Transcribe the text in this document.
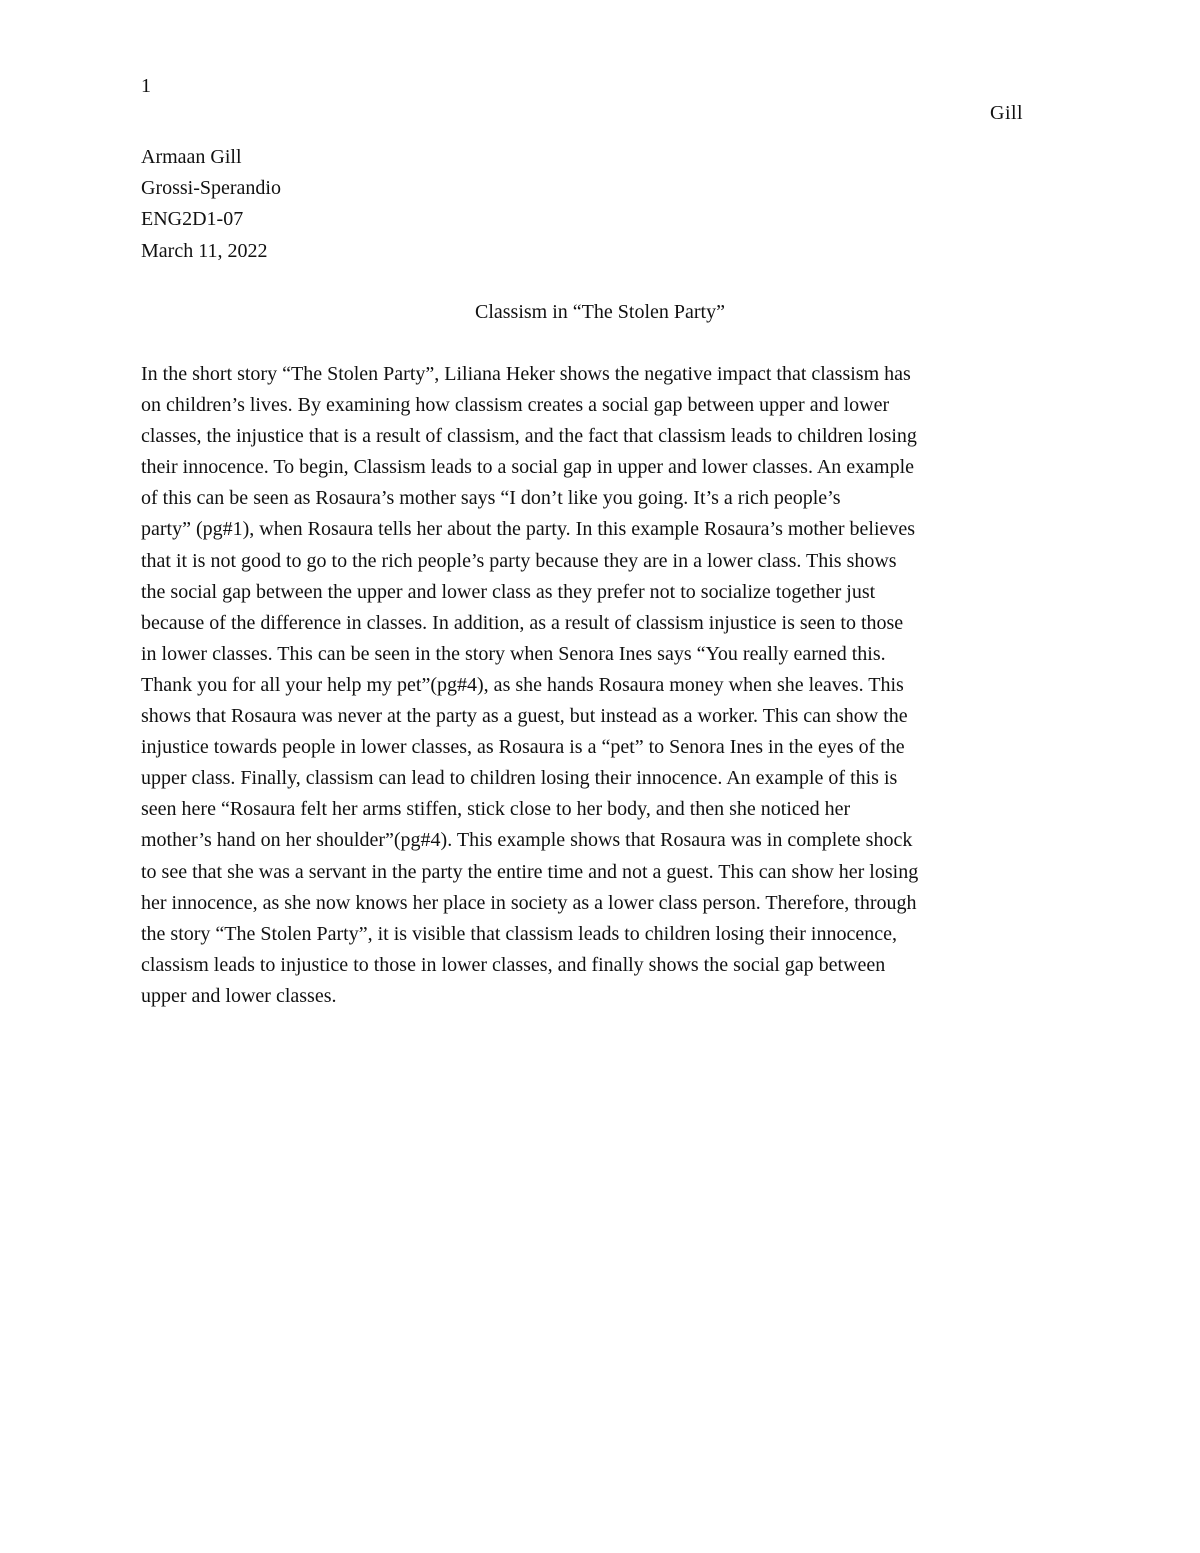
1

Gill

Armaan Gill
Grossi-Sperandio
ENG2D1-07
March 11, 2022
Classism in “The Stolen Party”
In the short story “The Stolen Party”, Liliana Heker shows the negative impact that classism has
on children’s lives. By examining how classism creates a social gap between upper and lower
classes, the injustice that is a result of classism, and the fact that classism leads to children losing
their innocence. To begin, Classism leads to a social gap in upper and lower classes. An example
of this can be seen as Rosaura’s mother says “I don’t like you going. It’s a rich people’s
party” (pg#1), when Rosaura tells her about the party. In this example Rosaura’s mother believes
that it is not good to go to the rich people’s party because they are in a lower class. This shows
the social gap between the upper and lower class as they prefer not to socialize together just
because of the difference in classes. In addition, as a result of classism injustice is seen to those
in lower classes. This can be seen in the story when Senora Ines says “You really earned this.
Thank you for all your help my pet”(pg#4), as she hands Rosaura money when she leaves. This
shows that Rosaura was never at the party as a guest, but instead as a worker. This can show the
injustice towards people in lower classes, as Rosaura is a “pet” to Senora Ines in the eyes of the
upper class. Finally, classism can lead to children losing their innocence. An example of this is
seen here “Rosaura felt her arms stiffen, stick close to her body, and then she noticed her
mother’s hand on her shoulder”(pg#4). This example shows that Rosaura was in complete shock
to see that she was a servant in the party the entire time and not a guest. This can show her losing
her innocence, as she now knows her place in society as a lower class person. Therefore, through
the story “The Stolen Party”, it is visible that classism leads to children losing their innocence,
classism leads to injustice to those in lower classes, and finally shows the social gap between
upper and lower classes.
